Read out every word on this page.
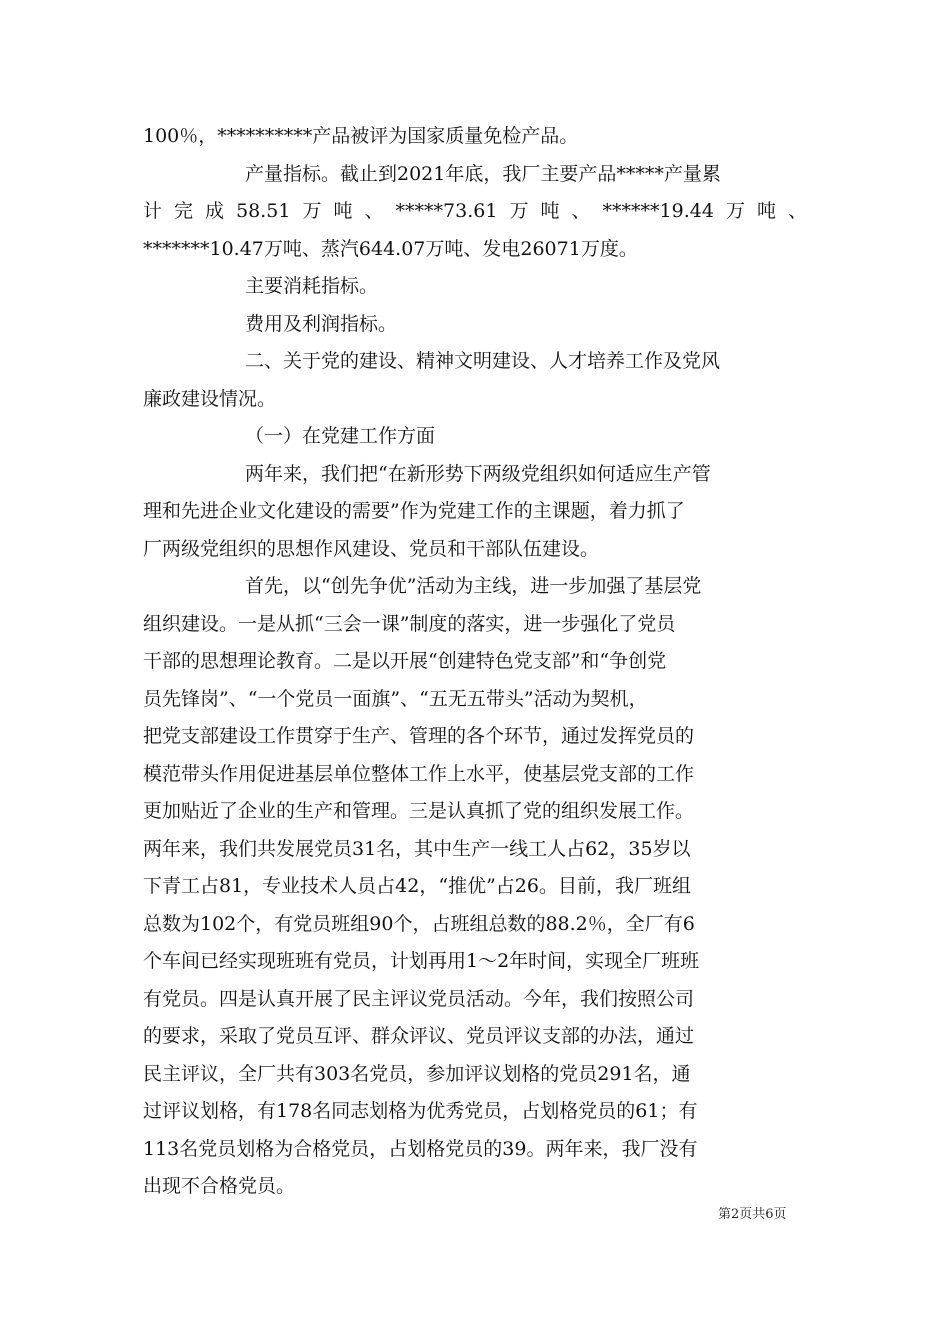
100％，**********产品被评为国家质量免检产品。
产量指标。截止到2021年底，我厂主要产品*****产量累
计完成58.51万吨、*****73.61万吨、******19.44万吨、
*******10.47万吨、蒸汽644.07万吨、发电26071万度。
主要消耗指标。
费用及利润指标。
二、关于党的建设、精神文明建设、人才培养工作及党风
廉政建设情况。
（一）在党建工作方面
两年来，我们把“在新形势下两级党组织如何适应生产管
理和先进企业文化建设的需要”作为党建工作的主课题，着力抓了
厂两级党组织的思想作风建设、党员和干部队伍建设。
首先，以“创先争优”活动为主线，进一步加强了基层党
组织建设。一是从抓“三会一课”制度的落实，进一步强化了党员
干部的思想理论教育。二是以开展“创建特色党支部”和“争创党
员先锋岗”、“一个党员一面旗”、“五无五带头”活动为契机，
把党支部建设工作贯穿于生产、管理的各个环节，通过发挥党员的
模范带头作用促进基层单位整体工作上水平，使基层党支部的工作
更加贴近了企业的生产和管理。三是认真抓了党的组织发展工作。
两年来，我们共发展党员31名，其中生产一线工人占62，35岁以
下青工占81，专业技术人员占42，“推优”占26。目前，我厂班组
总数为102个，有党员班组90个，占班组总数的88.2％，全厂有6
个车间已经实现班班有党员，计划再用1～2年时间，实现全厂班班
有党员。四是认真开展了民主评议党员活动。今年，我们按照公司
的要求，采取了党员互评、群众评议、党员评议支部的办法，通过
民主评议，全厂共有303名党员，参加评议划格的党员291名，通
过评议划格，有178名同志划格为优秀党员，占划格党员的61；有
113名党员划格为合格党员，占划格党员的39。两年来，我厂没有
出现不合格党员。
第2页共6页
